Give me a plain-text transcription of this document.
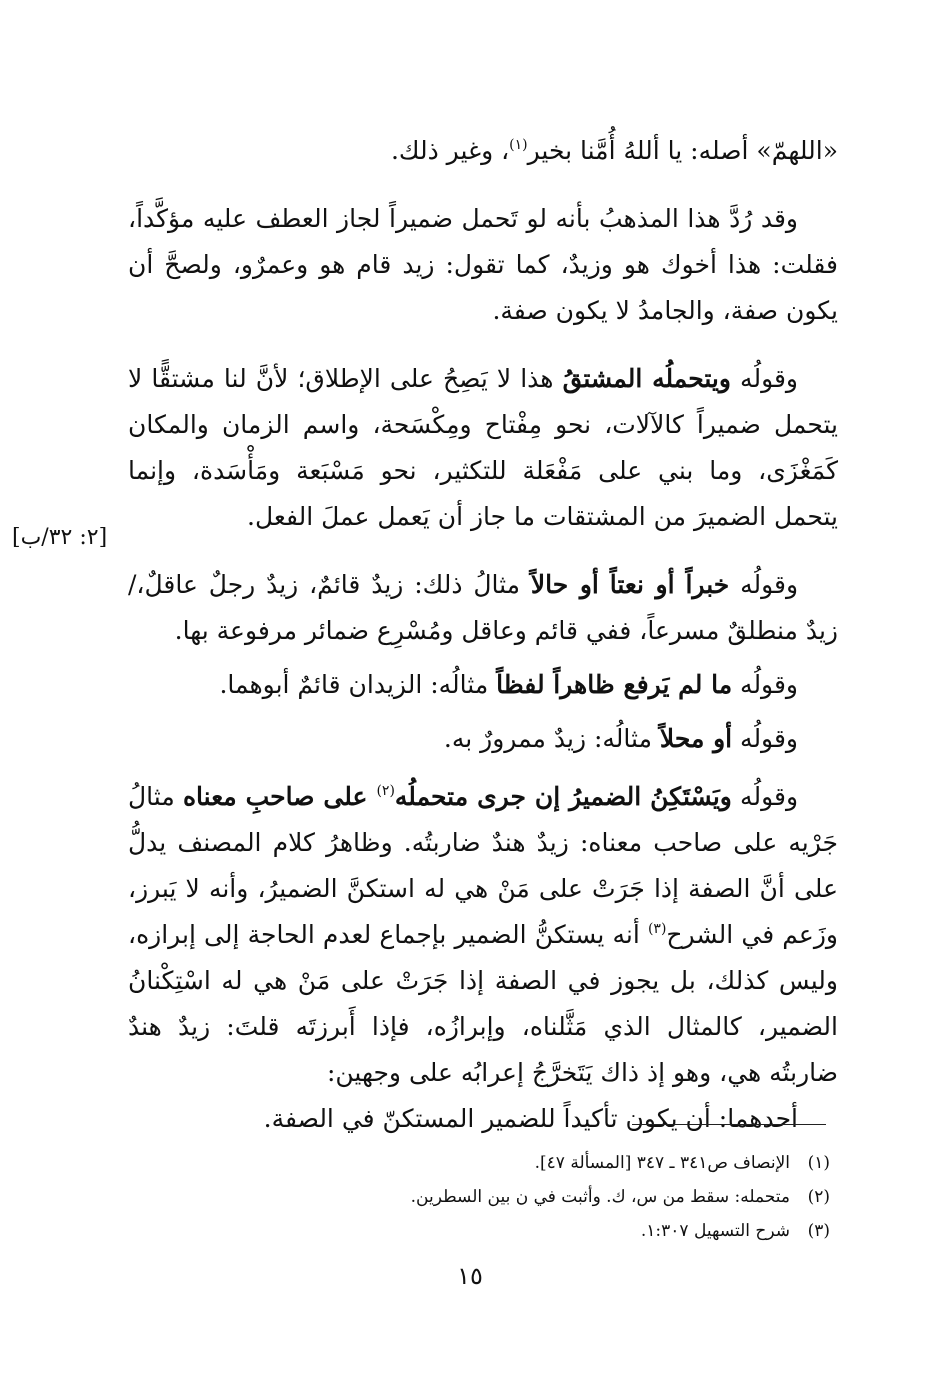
«اللهمّ» أصله: يا أللهُ أُمَّنا بخير$^{(١)}$، وغير ذلك.

وقد رُدَّ هذا المذهبُ بأنه لو تَحمل ضميراً لجاز العطف عليه مؤكَّداً، فقلت: هذا أخوك هو وزيدٌ، كما تقول: زيد قام هو وعمرٌو، ولصحَّ أن يكون صفة، والجامدُ لا يكون صفة.

وقولُه ويتحملُه المشتقُ هذا لا يَصِحُ على الإطلاق؛ لأنَّ لنا مشتقًّا لا يتحمل ضميراً كالآلات، نحو مِفْتاح ومِكْسَحة، واسم الزمان والمكان كَمَغْزَى، وما بني على مَفْعَلة للتكثير، نحو مَسْبَعة ومَأْسَدة، وإنما يتحمل الضميرَ من المشتقات ما جاز أن يَعمل عملَ الفعل.

وقولُه خبراً أو نعتاً أو حالاً مثالُ ذلك: زيدٌ قائمٌ، زيدٌ رجلٌ عاقلٌ،/ زيدٌ منطلقٌ مسرعاً، ففي قائم وعاقل ومُسْرِع ضمائر مرفوعة بها.

وقولُه ما لم يَرفع ظاهراً لفظاً مثالُه: الزيدان قائمٌ أبوهما.

وقولُه أو محلاً مثالُه: زيدٌ ممرورٌ به.

وقولُه ويَسْتَكِنُ الضميرُ إن جرى متحملُه$^{(٢)}$ على صاحبِ معناه مثالُ جَرْيه على صاحب معناه: زيدٌ هندٌ ضاربتُه. وظاهرُ كلام المصنف يدلُّ على أنَّ الصفة إذا جَرَتْ على مَنْ هي له استكنَّ الضميرُ، وأنه لا يَبرز، وزَعم في الشرح$^{(٣)}$ أنه يستكنُّ الضمير بإجماع لعدم الحاجة إلى إبرازه، وليس كذلك، بل يجوز في الصفة إذا جَرَتْ على مَنْ هي له اسْتِكْنانُ الضمير، كالمثال الذي مَثَّلناه، وإبرازُه، فإذا أَبرزتَه قلتَ: زيدٌ هندٌ ضاربتُه هي، وهو إذ ذاك يَتَخرَّجُ إعرابُه على وجهين:

أحدهما: أن يكون تأكيداً للضمير المستكنّ في الصفة.

[٢: ٣٢/ب]

(١)الإنصاف ص٣٤١ ـ ٣٤٧ [المسألة ٤٧].

(٢)متحمله: سقط من س، ك. وأثبت في ن بين السطرين.

(٣)شرح التسهيل ١:٣٠٧.

١٥
